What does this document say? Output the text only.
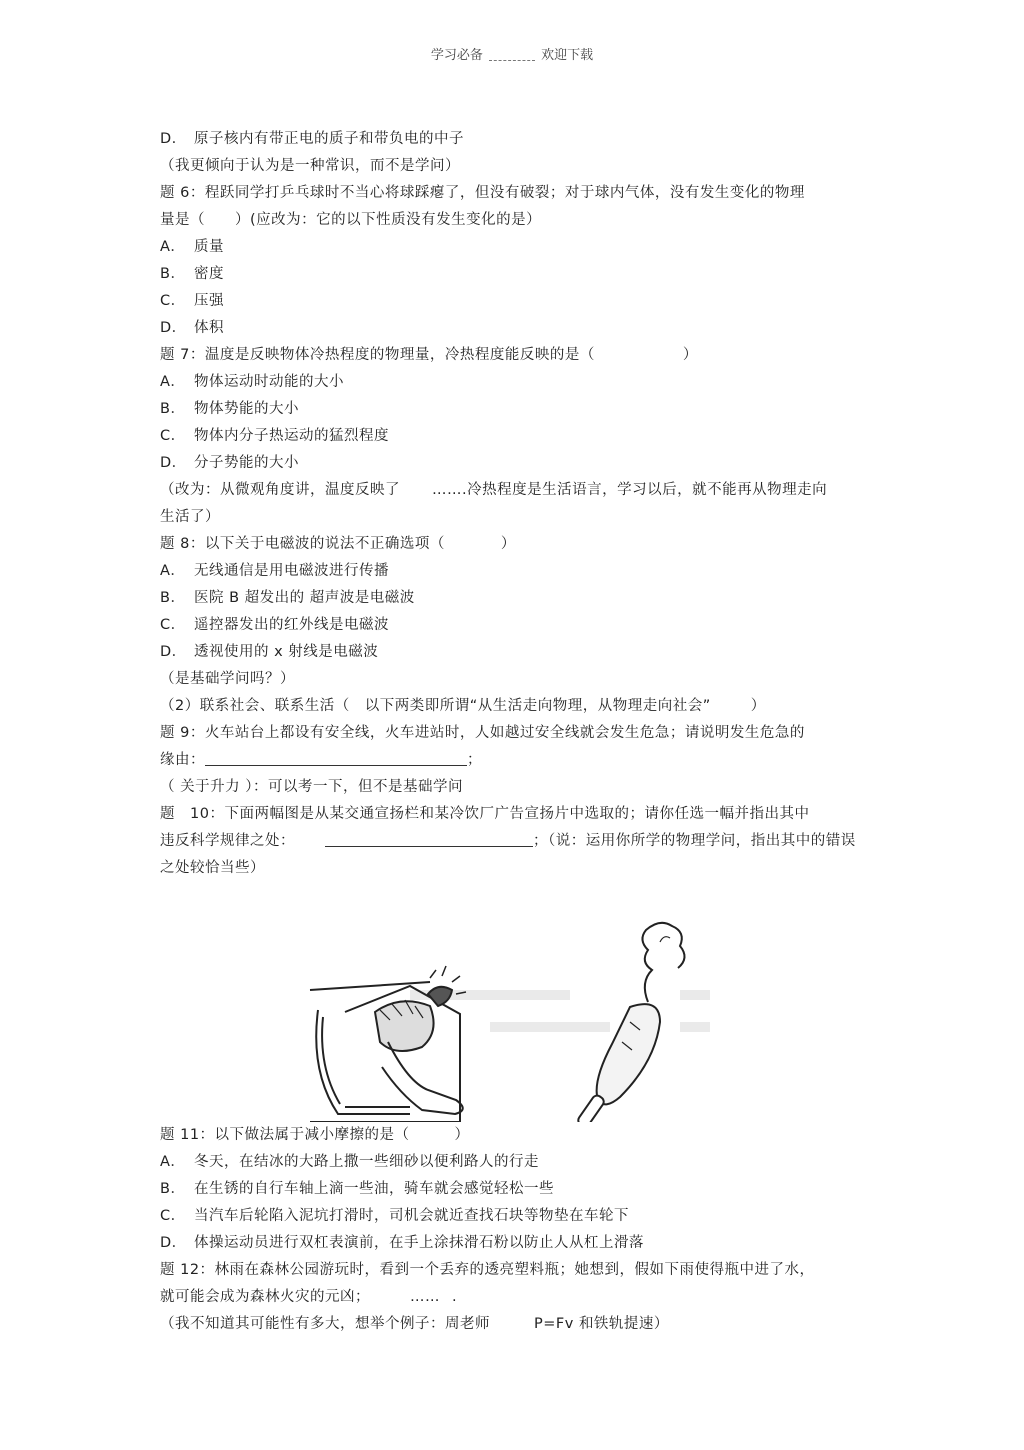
学习必备	欢迎下载
D. 原子核内有带正电的质子和带负电的中子
（我更倾向于认为是一种常识，而不是学问）
题 6：程跃同学打乒乓球时不当心将球踩瘪了，但没有破裂；对于球内气体，没有发生变化的物理
量是（　　）(应改为：它的以下性质没有发生变化的是）
A． 质量
B． 密度
C． 压强
D． 体积
题 7：温度是反映物体冷热程度的物理量，冷热程度能反映的是（	）
A． 物体运动时动能的大小
B． 物体势能的大小
C． 物体内分子热运动的猛烈程度
D． 分子势能的大小
（改为：从微观角度讲，温度反映了 …….冷热程度是生活语言，学习以后，就不能再从物理走向
生活了）
题 8：以下关于电磁波的说法不正确选项（	）
A． 无线通信是用电磁波进行传播
B． 医院 B 超发出的 超声波是电磁波
C． 遥控器发出的红外线是电磁波
D． 透视使用的 x 射线是电磁波
（是基础学问吗？）
（2）联系社会、联系生活（　以下两类即所谓“从生活走向物理，从物理走向社会”	）
题 9：火车站台上都设有安全线，火车进站时，人如越过安全线就会发生危急；请说明发生危急的
缘由：	；
（ 关于升力 ）：可以考一下，但不是基础学问
题　10：下面两幅图是从某交通宣扬栏和某冷饮厂广告宣扬片中选取的；请你任选一幅并指出其中
违反科学规律之处：	；（说：运用你所学的物理学问，指出其中的错误
之处较恰当些）
题 11：以下做法属于减小摩擦的是（　　　）
A． 冬天，在结冰的大路上撒一些细砂以便利路人的行走
B． 在生锈的自行车轴上滴一些油，骑车就会感觉轻松一些
C． 当汽车后轮陷入泥坑打滑时，司机会就近查找石块等物垫在车轮下
D． 体操运动员进行双杠表演前，在手上涂抹滑石粉以防止人从杠上滑落
题 12：林雨在森林公园游玩时，看到一个丢弃的透亮塑料瓶；她想到，假如下雨使得瓶中进了水，
就可能会成为森林火灾的元凶；	…… .
（我不知道其可能性有多大，想举个例子：周老师	P=Fv 和铁轨提速）
